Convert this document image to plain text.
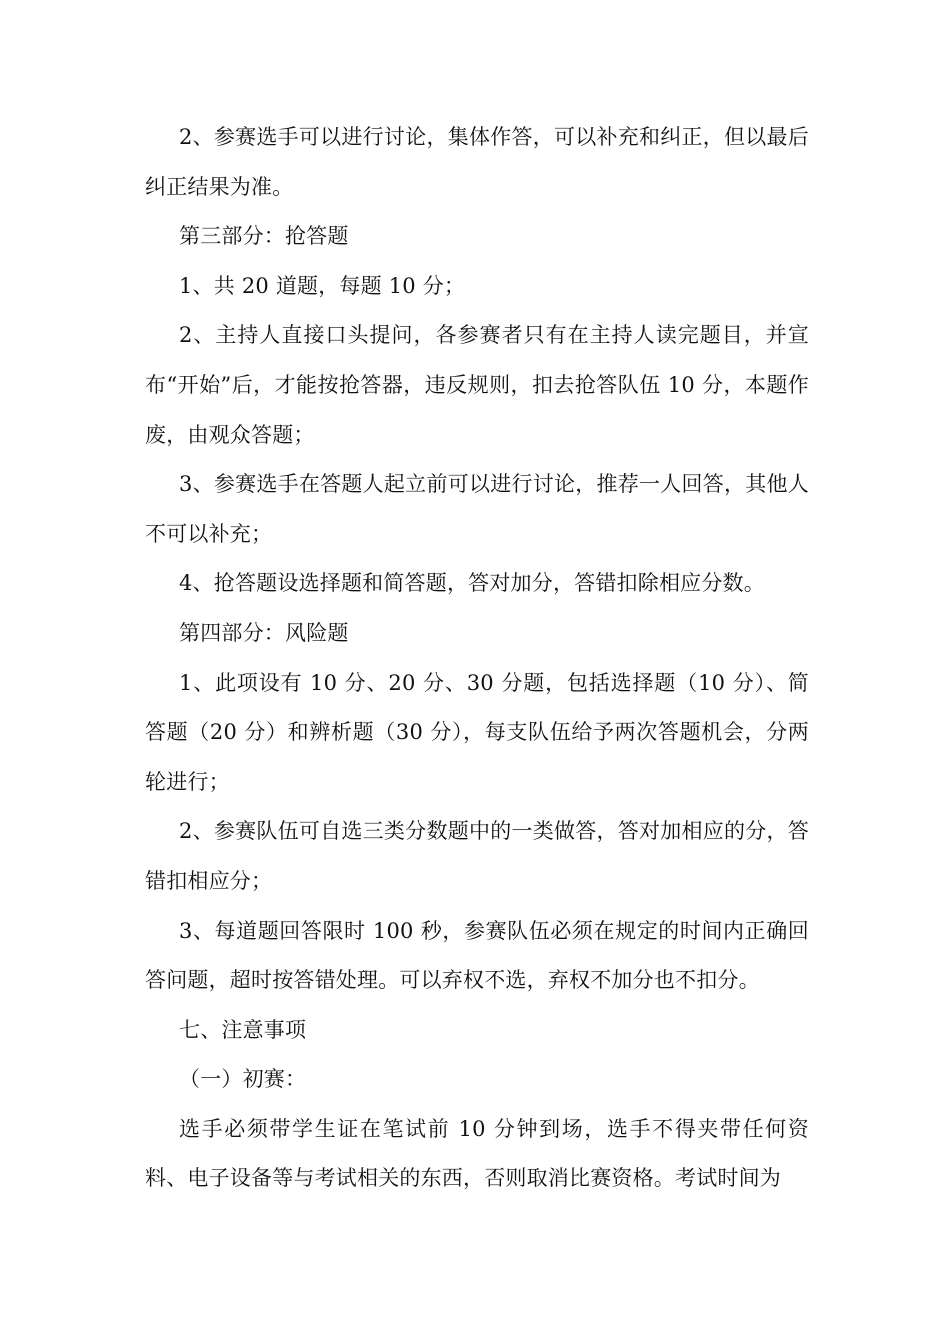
2、参赛选手可以进行讨论，集体作答，可以补充和纠正，但以最后纠正结果为准。

第三部分：抢答题

1、共 20 道题，每题 10 分；

2、主持人直接口头提问，各参赛者只有在主持人读完题目，并宣布“开始”后，才能按抢答器，违反规则，扣去抢答队伍 10 分，本题作废，由观众答题；

3、参赛选手在答题人起立前可以进行讨论，推荐一人回答，其他人不可以补充；

4、抢答题设选择题和简答题，答对加分，答错扣除相应分数。

第四部分：风险题

1、此项设有 10 分、20 分、30 分题，包括选择题（10 分）、简答题（20 分）和辨析题（30 分），每支队伍给予两次答题机会，分两轮进行；

2、参赛队伍可自选三类分数题中的一类做答，答对加相应的分，答错扣相应分；

3、每道题回答限时 100 秒，参赛队伍必须在规定的时间内正确回答问题，超时按答错处理。可以弃权不选，弃权不加分也不扣分。

七、注意事项

（一）初赛：

选手必须带学生证在笔试前 10 分钟到场，选手不得夹带任何资料、电子设备等与考试相关的东西，否则取消比赛资格。考试时间为
